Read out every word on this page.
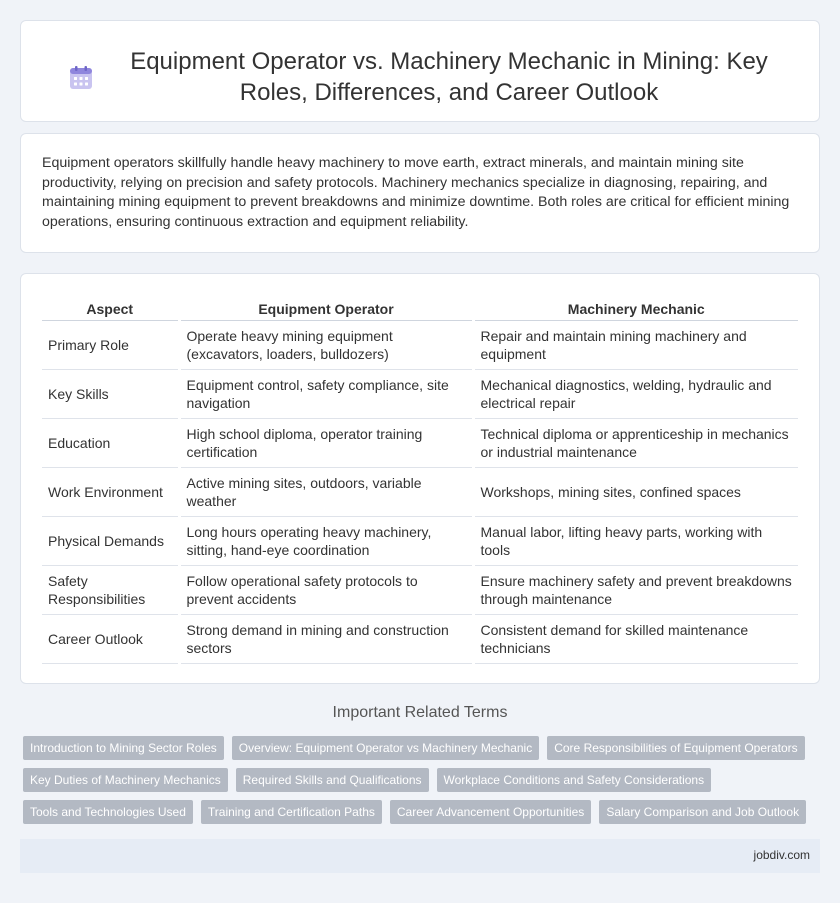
Equipment Operator vs. Machinery Mechanic in Mining: Key Roles, Differences, and Career Outlook

Equipment operators skillfully handle heavy machinery to move earth, extract minerals, and maintain mining site productivity, relying on precision and safety protocols. Machinery mechanics specialize in diagnosing, repairing, and maintaining mining equipment to prevent breakdowns and minimize downtime. Both roles are critical for efficient mining operations, ensuring continuous extraction and equipment reliability.

Aspect	Equipment Operator	Machinery Mechanic
Primary Role	Operate heavy mining equipment (excavators, loaders, bulldozers)	Repair and maintain mining machinery and equipment
Key Skills	Equipment control, safety compliance, site navigation	Mechanical diagnostics, welding, hydraulic and electrical repair
Education	High school diploma, operator training certification	Technical diploma or apprenticeship in mechanics or industrial maintenance
Work Environment	Active mining sites, outdoors, variable weather	Workshops, mining sites, confined spaces
Physical Demands	Long hours operating heavy machinery, sitting, hand-eye coordination	Manual labor, lifting heavy parts, working with tools
Safety Responsibilities	Follow operational safety protocols to prevent accidents	Ensure machinery safety and prevent breakdowns through maintenance
Career Outlook	Strong demand in mining and construction sectors	Consistent demand for skilled maintenance technicians
Important Related Terms
Introduction to Mining Sector Roles	Overview: Equipment Operator vs Machinery Mechanic	Core Responsibilities of Equipment Operators
Key Duties of Machinery Mechanics	Required Skills and Qualifications	Workplace Conditions and Safety Considerations
Tools and Technologies Used	Training and Certification Paths	Career Advancement Opportunities	Salary Comparison and Job Outlook
jobdiv.com
